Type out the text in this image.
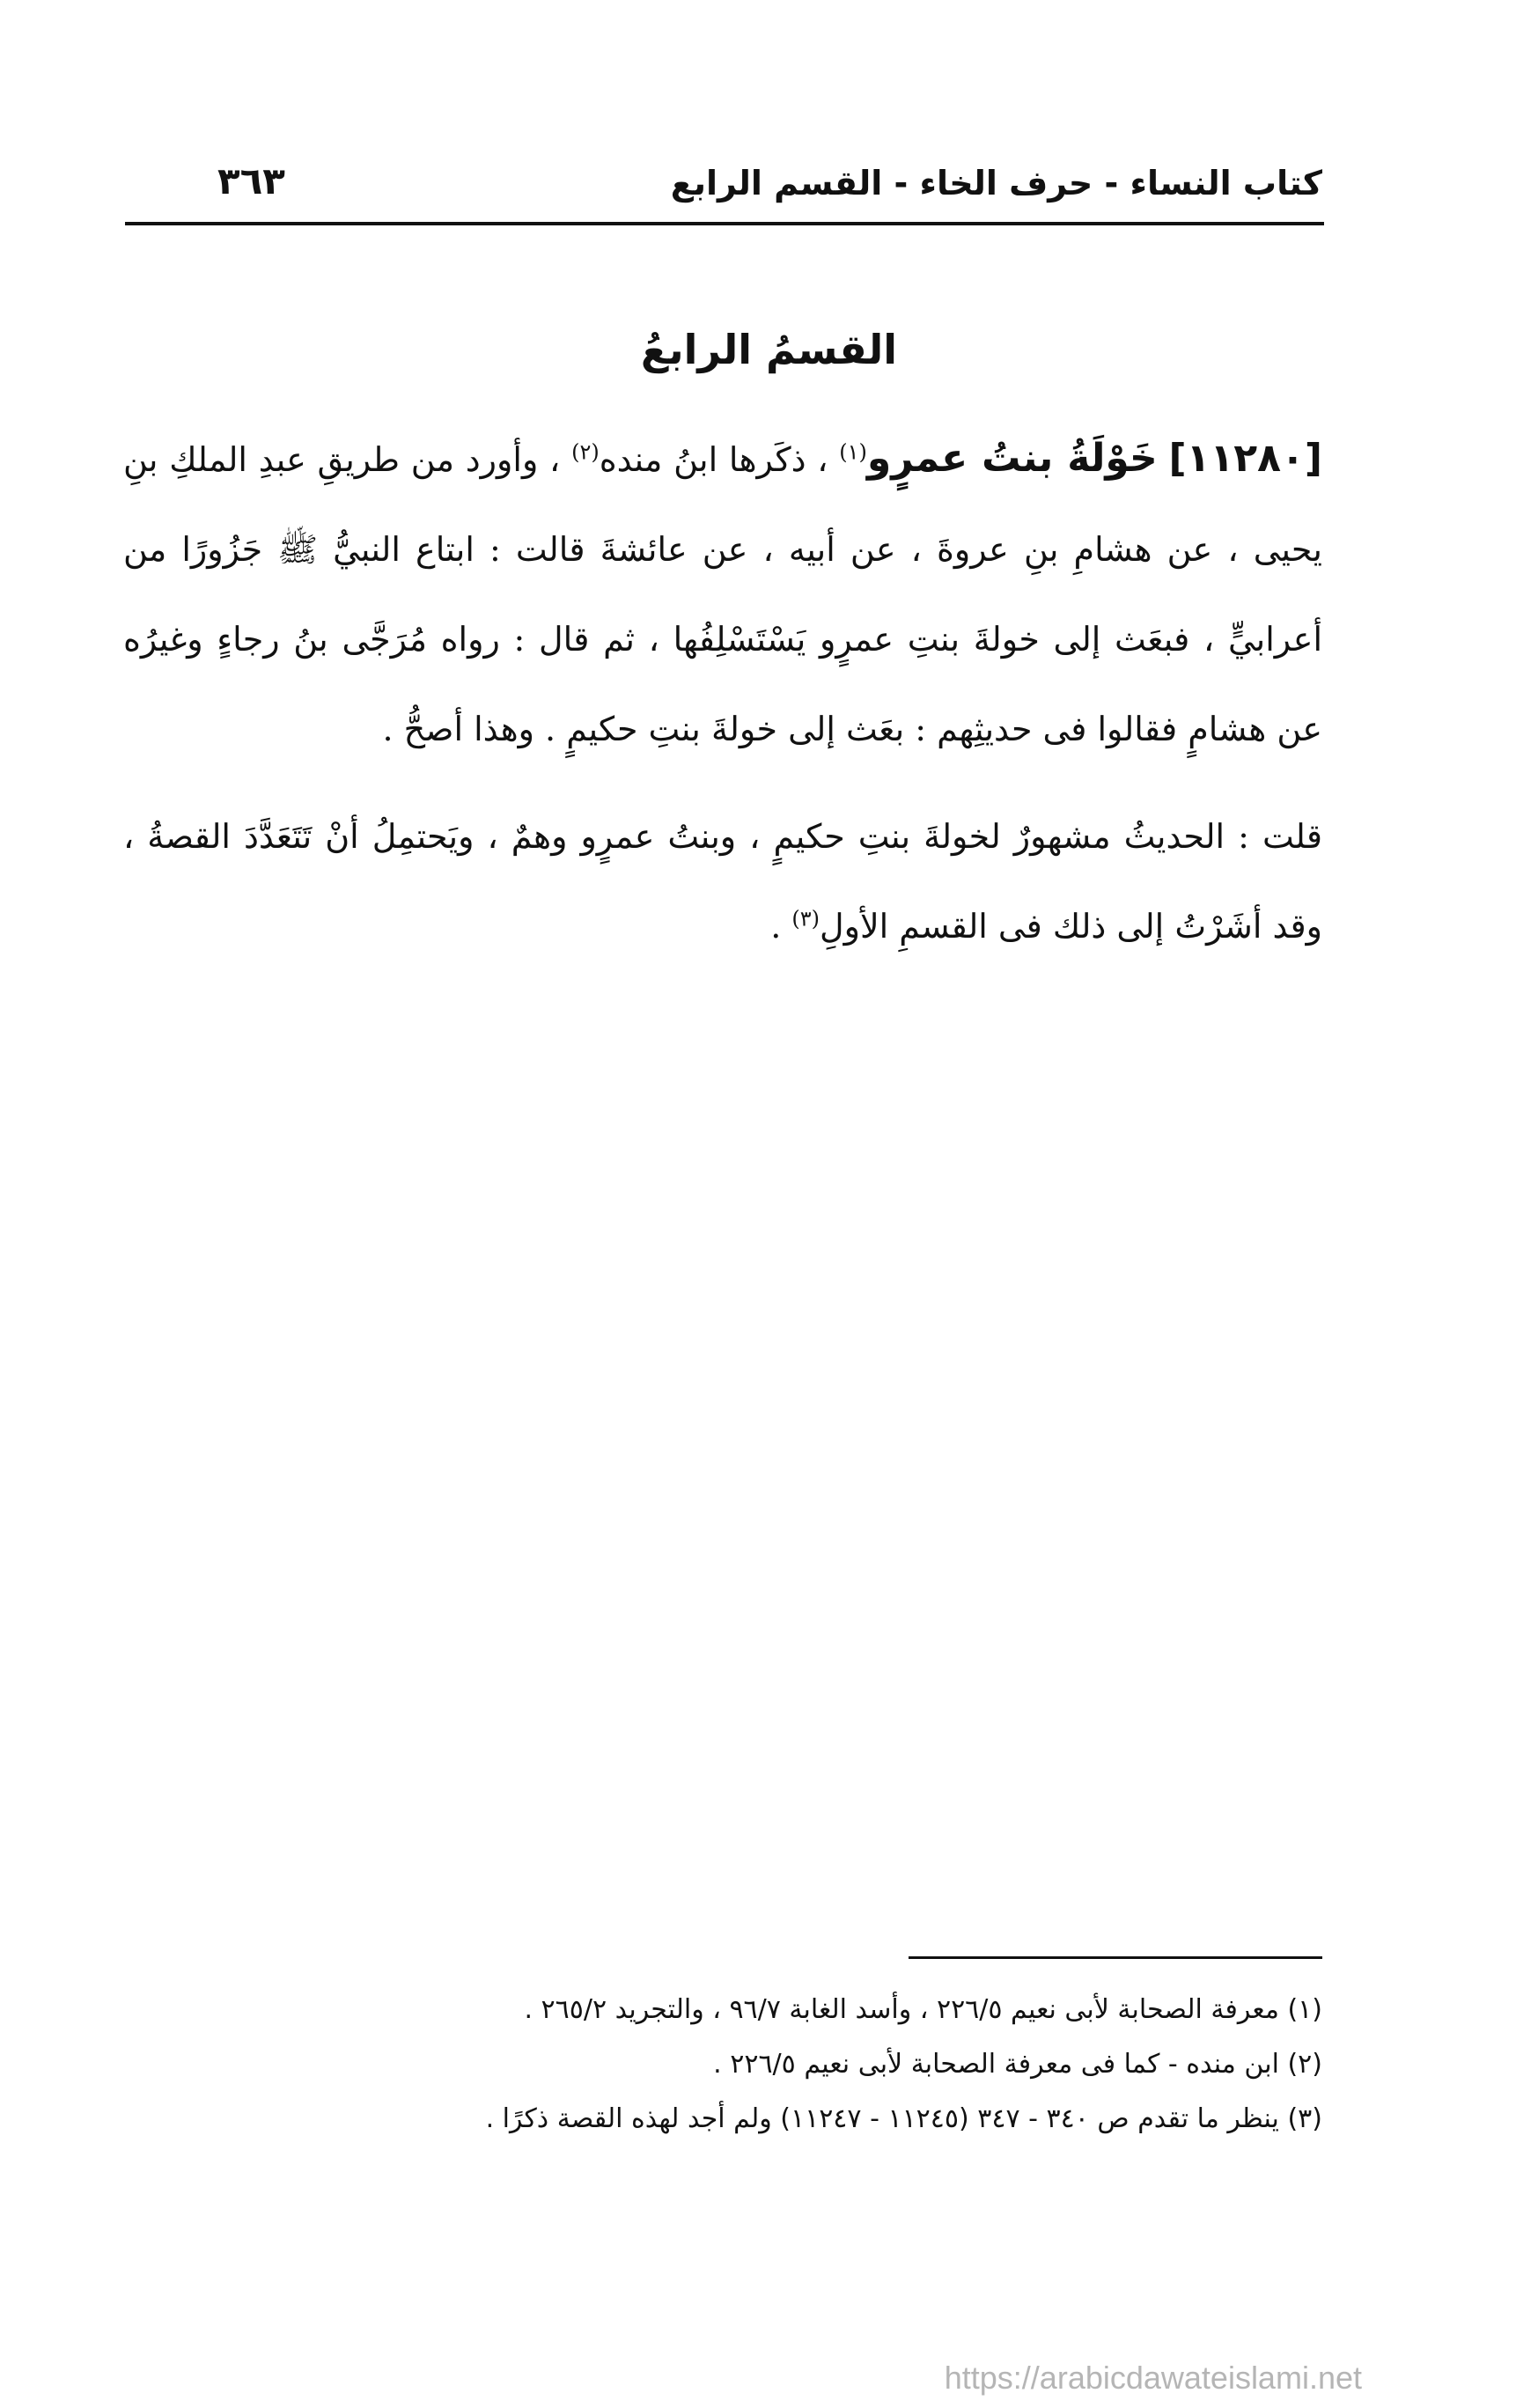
كتاب النساء - حرف الخاء - القسم الرابع
٣٦٣
القسمُ الرابعُ

[١١٢٨٠] خَوْلَةُ بنتُ عمرٍو$^{(١)}$ ، ذكَرها ابنُ منده$^{(٢)}$ ، وأورد من طريقِ عبدِ الملكِ بنِ يحيى ، عن هشامِ بنِ عروةَ ، عن أبيه ، عن عائشةَ قالت : ابتاع النبيُّ ﷺ جَزُورًا من أعرابيٍّ ، فبعَث إلى خولةَ بنتِ عمرٍو يَسْتَسْلِفُها ، ثم قال : رواه مُرَجَّى بنُ رجاءٍ وغيرُه عن هشامٍ فقالوا فى حديثِهم : بعَث إلى خولةَ بنتِ حكيمٍ . وهذا أصحُّ .

قلت : الحديثُ مشهورٌ لخولةَ بنتِ حكيمٍ ، وبنتُ عمرٍو وهمٌ ، ويَحتمِلُ أنْ تَتَعَدَّدَ القصةُ ، وقد أشَرْتُ إلى ذلك فى القسمِ الأولِ$^{(٣)}$ .

(١) معرفة الصحابة لأبى نعيم ٢٢٦/٥ ، وأسد الغابة ٩٦/٧ ، والتجريد ٢٦٥/٢ .

(٢) ابن منده - كما فى معرفة الصحابة لأبى نعيم ٢٢٦/٥ .

(٣) ينظر ما تقدم ص ٣٤٠ - ٣٤٧ (١١٢٤٥ - ١١٢٤٧) ولم أجد لهذه القصة ذكرًا .

https://arabicdawateislami.net
